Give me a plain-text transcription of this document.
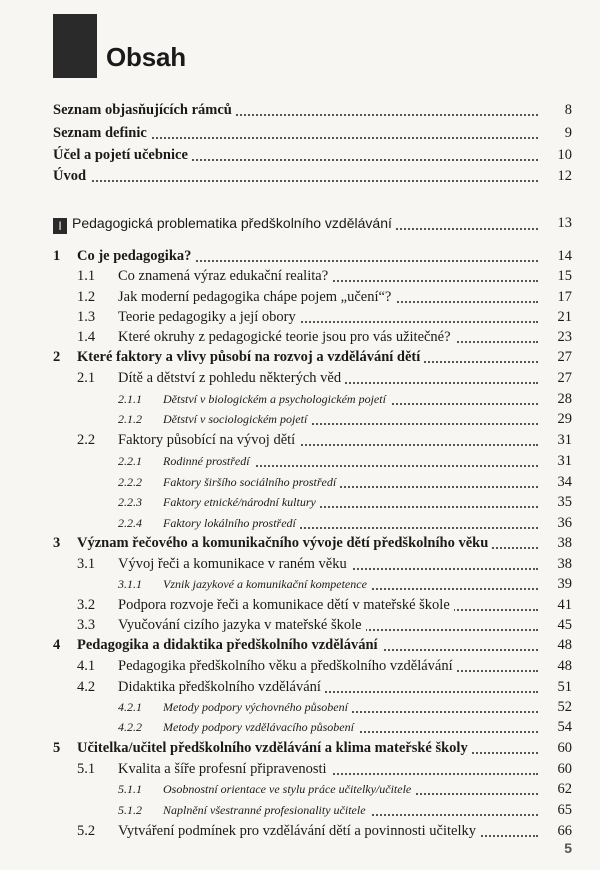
Obsah
Seznam objasňujících rámců	8
Seznam definic	9
Účel a pojetí učebnice	10
Úvod	12
I Pedagogická problematika předškolního vzdělávání	13
1 Co je pedagogika?	14
1.1 Co znamená výraz edukační realita?	15
1.2 Jak moderní pedagogika chápe pojem „učení“?	17
1.3 Teorie pedagogiky a její obory	21
1.4 Které okruhy z pedagogické teorie jsou pro vás užitečné?	23
2 Které faktory a vlivy působí na rozvoj a vzdělávání dětí	27
2.1 Dítě a dětství z pohledu některých věd	27
2.1.1 Dětství v biologickém a psychologickém pojetí	28
2.1.2 Dětství v sociologickém pojetí	29
2.2 Faktory působící na vývoj dětí	31
2.2.1 Rodinné prostředí	31
2.2.2 Faktory širšího sociálního prostředí	34
2.2.3 Faktory etnické/národní kultury	35
2.2.4 Faktory lokálního prostředí	36
3 Význam řečového a komunikačního vývoje dětí předškolního věku	38
3.1 Vývoj řeči a komunikace v raném věku	38
3.1.1 Vznik jazykové a komunikační kompetence	39
3.2 Podpora rozvoje řeči a komunikace dětí v mateřské škole	41
3.3 Vyučování cizího jazyka v mateřské škole	45
4 Pedagogika a didaktika předškolního vzdělávání	48
4.1 Pedagogika předškolního věku a předškolního vzdělávání	48
4.2 Didaktika předškolního vzdělávání	51
4.2.1 Metody podpory výchovného působení	52
4.2.2 Metody podpory vzdělávacího působení	54
5 Učitelka/učitel předškolního vzdělávání a klima mateřské školy	60
5.1 Kvalita a šíře profesní připravenosti	60
5.1.1 Osobnostní orientace ve stylu práce učitelky/učitele	62
5.1.2 Naplnění všestranné profesionality učitele	65
5.2 Vytváření podmínek pro vzdělávání dětí a povinnosti učitelky	66
5
